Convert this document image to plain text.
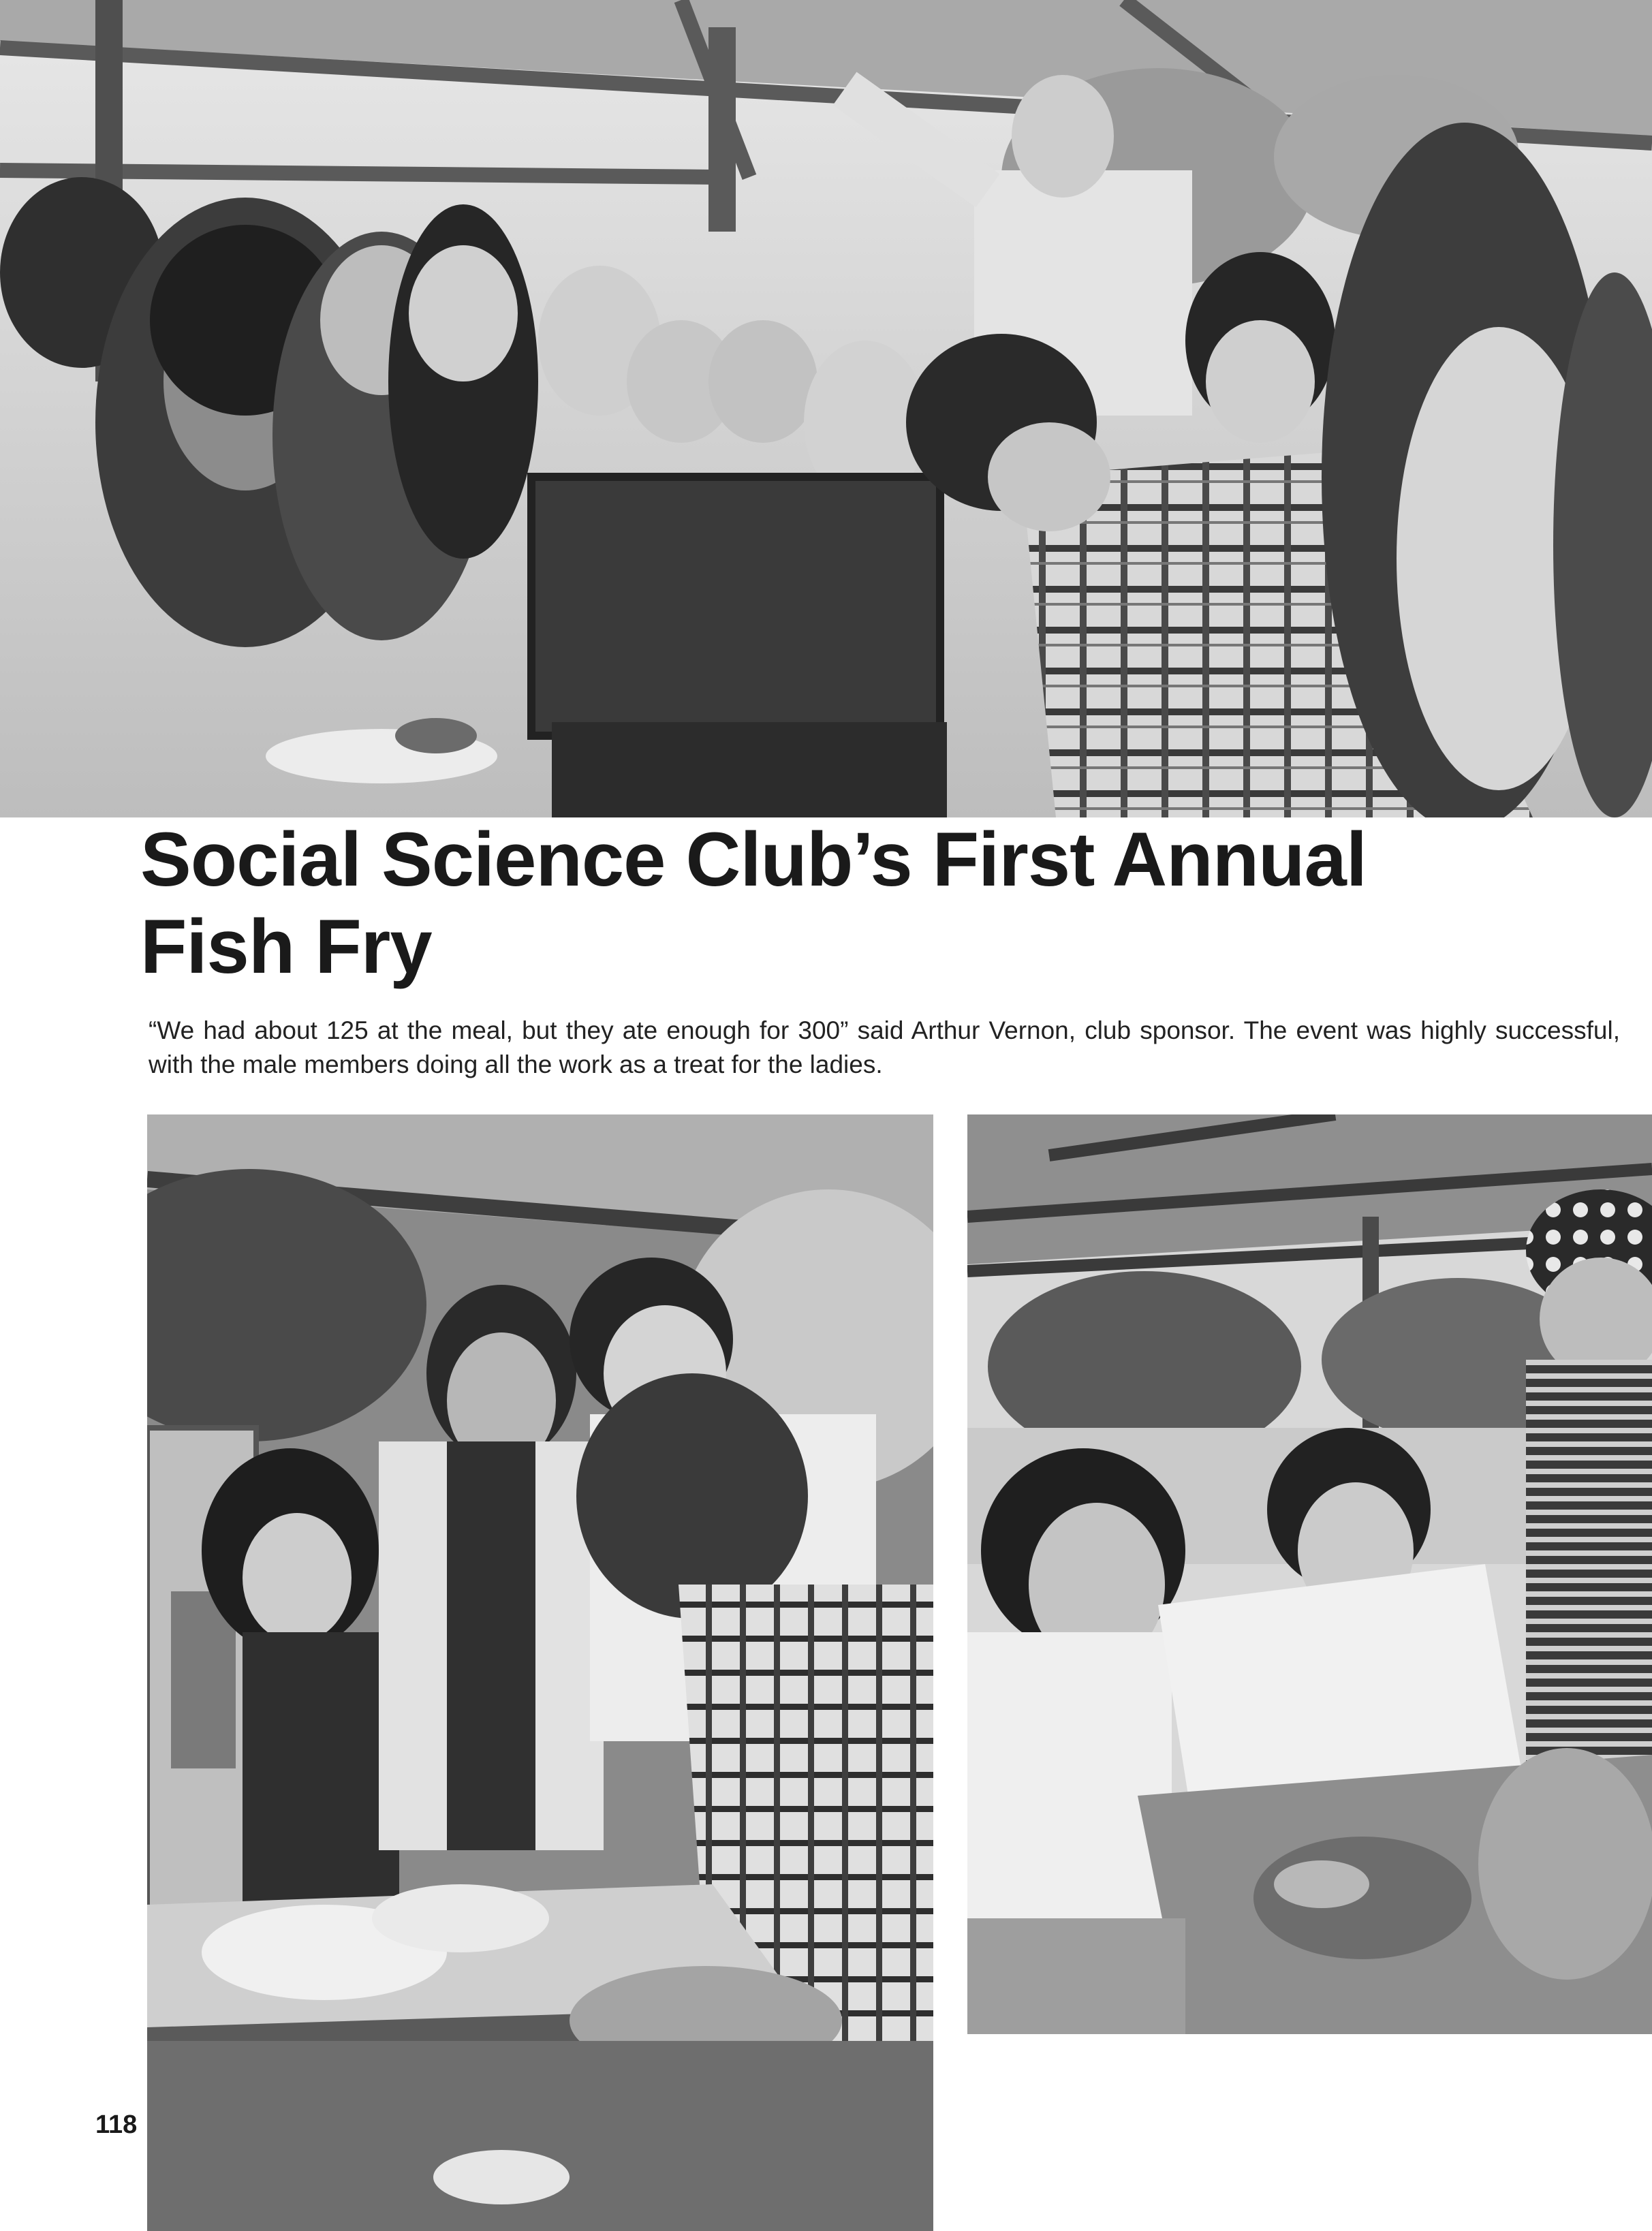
Social Science Club’s First Annual
Fish Fry

“We had about 125 at the meal, but they ate enough for 300” said Arthur Vernon, club sponsor. The event was highly successful, with the male members doing all the work as a treat for the ladies.

118
